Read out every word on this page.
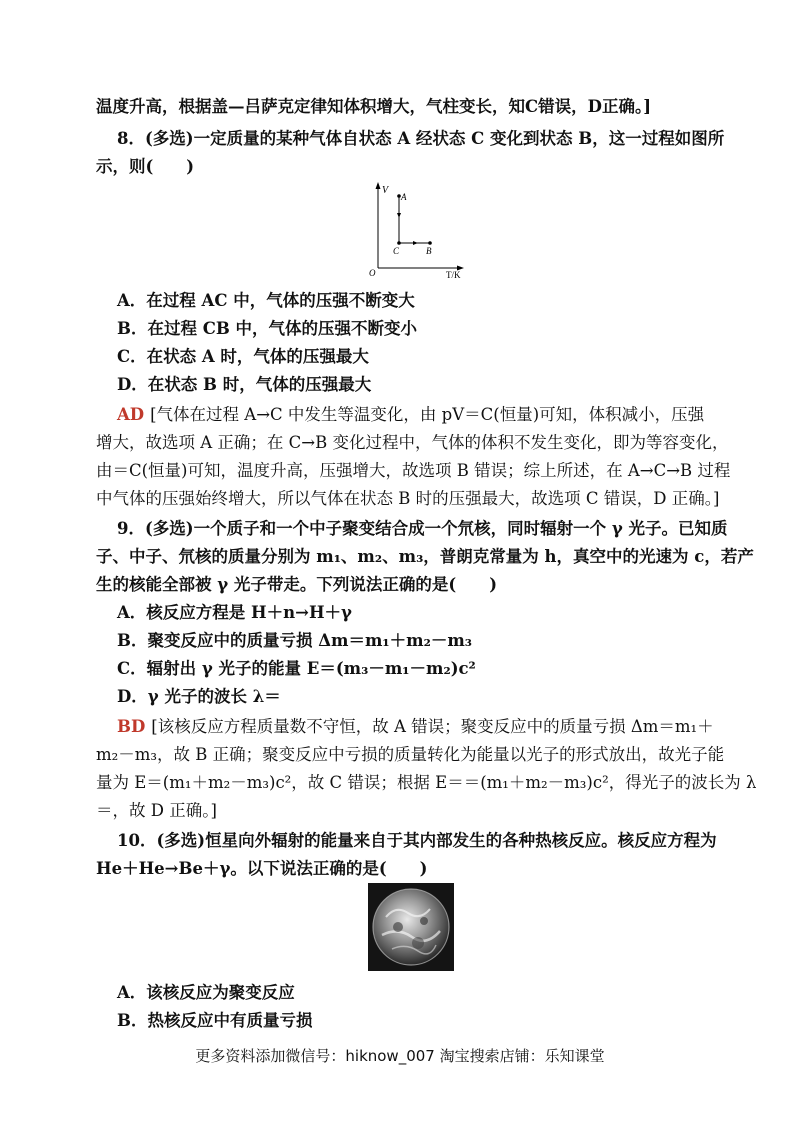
温度升高，根据盖—吕萨克定律知体积增大，气柱变长，知C错误，D正确。]
8．(多选)一定质量的某种气体自状态 A 经状态 C 变化到状态 B，这一过程如图所
示，则(　　)
V
A
C	B
O	T/K
A．在过程 AC 中，气体的压强不断变大
B．在过程 CB 中，气体的压强不断变小
C．在状态 A 时，气体的压强最大
D．在状态 B 时，气体的压强最大
AD [气体在过程 A→C 中发生等温变化，由 pV＝C(恒量)可知，体积减小，压强
增大，故选项 A 正确；在 C→B 变化过程中，气体的体积不发生变化，即为等容变化，
由＝C(恒量)可知，温度升高，压强增大，故选项 B 错误；综上所述，在 A→C→B 过程
中气体的压强始终增大，所以气体在状态 B 时的压强最大，故选项 C 错误，D 正确。]
9．(多选)一个质子和一个中子聚变结合成一个氘核，同时辐射一个 γ 光子。已知质
子、中子、氘核的质量分别为 m₁、m₂、m₃，普朗克常量为 h，真空中的光速为 c，若产
生的核能全部被 γ 光子带走。下列说法正确的是(　　)
A．核反应方程是 H＋n→H＋γ
B．聚变反应中的质量亏损 Δm＝m₁＋m₂－m₃
C．辐射出 γ 光子的能量 E＝(m₃－m₁－m₂)c²
D．γ 光子的波长 λ＝
BD [该核反应方程质量数不守恒，故 A 错误；聚变反应中的质量亏损 Δm＝m₁＋
m₂－m₃，故 B 正确；聚变反应中亏损的质量转化为能量以光子的形式放出，故光子能
量为 E＝(m₁＋m₂－m₃)c²，故 C 错误；根据 E＝＝(m₁＋m₂－m₃)c²，得光子的波长为 λ
＝，故 D 正确。]
10．(多选)恒星向外辐射的能量来自于其内部发生的各种热核反应。核反应方程为
He＋He→Be＋γ。以下说法正确的是(　　)
A．该核反应为聚变反应
B．热核反应中有质量亏损
更多资料添加微信号：hiknow_007 淘宝搜索店铺：乐知课堂
